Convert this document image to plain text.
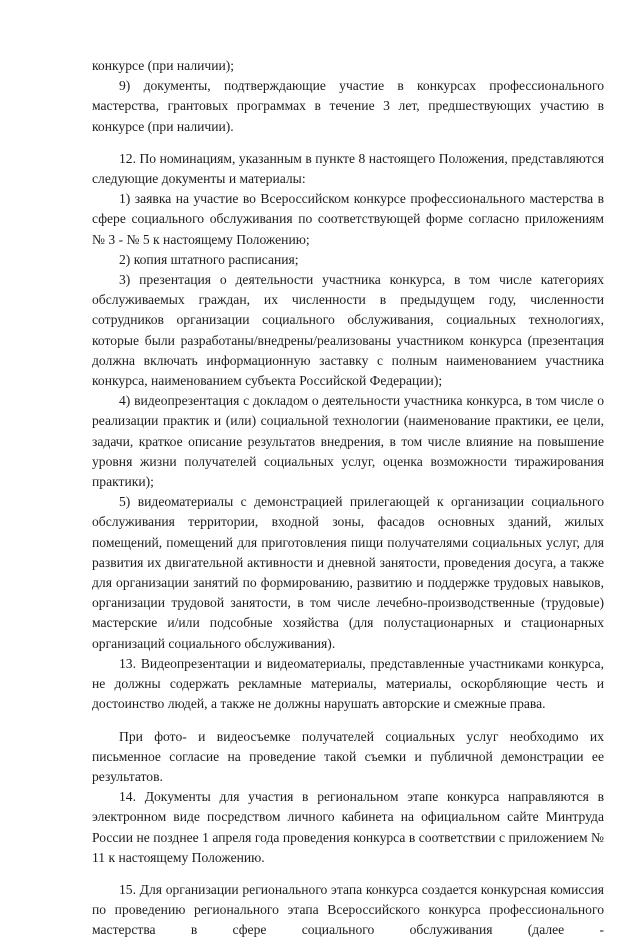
конкурсе (при наличии);

9) документы, подтверждающие участие в конкурсах профессионального мастерства, грантовых программах в течение 3 лет, предшествующих участию в конкурсе (при наличии).

12. По номинациям, указанным в пункте 8 настоящего Положения, представляются следующие документы и материалы:

1) заявка на участие во Всероссийском конкурсе профессионального мастерства в сфере социального обслуживания по соответствующей форме согласно приложениям № 3 - № 5 к настоящему Положению;

2) копия штатного расписания;

3) презентация о деятельности участника конкурса, в том числе категориях обслуживаемых граждан, их численности в предыдущем году, численности сотрудников организации социального обслуживания, социальных технологиях, которые были разработаны/внедрены/реализованы участником конкурса (презентация должна включать информационную заставку с полным наименованием участника конкурса, наименованием субъекта Российской Федерации);

4) видеопрезентация с докладом о деятельности участника конкурса, в том числе о реализации практик и (или) социальной технологии (наименование практики, ее цели, задачи, краткое описание результатов внедрения, в том числе влияние на повышение уровня жизни получателей социальных услуг, оценка возможности тиражирования практики);

5) видеоматериалы с демонстрацией прилегающей к организации социального обслуживания территории, входной зоны, фасадов основных зданий, жилых помещений, помещений для приготовления пищи получателями социальных услуг, для развития их двигательной активности и дневной занятости, проведения досуга, а также для организации занятий по формированию, развитию и поддержке трудовых навыков, организации трудовой занятости, в том числе лечебно-производственные (трудовые) мастерские и/или подсобные хозяйства (для полустационарных и стационарных организаций социального обслуживания).

13. Видеопрезентации и видеоматериалы, представленные участниками конкурса, не должны содержать рекламные материалы, материалы, оскорбляющие честь и достоинство людей, а также не должны нарушать авторские и смежные права.

При фото- и видеосъемке получателей социальных услуг необходимо их письменное согласие на проведение такой съемки и публичной демонстрации ее результатов.

14. Документы для участия в региональном этапе конкурса направляются в электронном виде посредством личного кабинета на официальном сайте Минтруда России не позднее 1 апреля года проведения конкурса в соответствии с приложением № 11 к настоящему Положению.

15. Для организации регионального этапа конкурса создается конкурсная комиссия по проведению регионального этапа Всероссийского конкурса профессионального мастерства в сфере социального обслуживания (далее -
